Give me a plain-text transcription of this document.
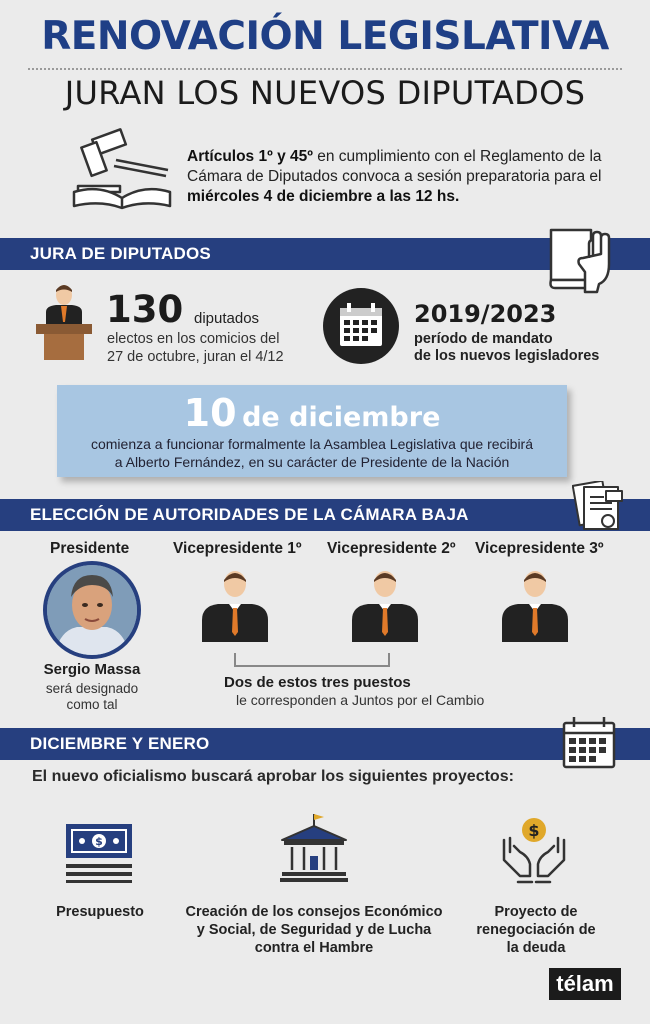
RENOVACIÓN LEGISLATIVA
JURAN LOS NUEVOS DIPUTADOS
Artículos 1º y 45º en cumplimiento con el Reglamento de la Cámara de Diputados convoca a sesión preparatoria para el miércoles 4 de diciembre a las 12 hs.
JURA DE DIPUTADOS
130 diputados
electos en los comicios del
27 de octubre, juran el 4/12
2019/2023
período de mandato
de los nuevos legisladores
10 de diciembre
comienza a funcionar formalmente la Asamblea Legislativa que recibirá
a Alberto Fernández, en su carácter de Presidente de la Nación
ELECCIÓN DE AUTORIDADES DE LA CÁMARA BAJA
Presidente	Vicepresidente 1º Vicepresidente 2º Vicepresidente 3º
Sergio Massa
será designado
como tal
Dos de estos tres puestos
le corresponden a Juntos por el Cambio
DICIEMBRE Y ENERO
El nuevo oficialismo buscará aprobar los siguientes proyectos:
$
$
Presupuesto	Creación de los consejos Económico
y Social, de Seguridad y de Lucha
contra el Hambre
Proyecto de
renegociación de
la deuda
télam
